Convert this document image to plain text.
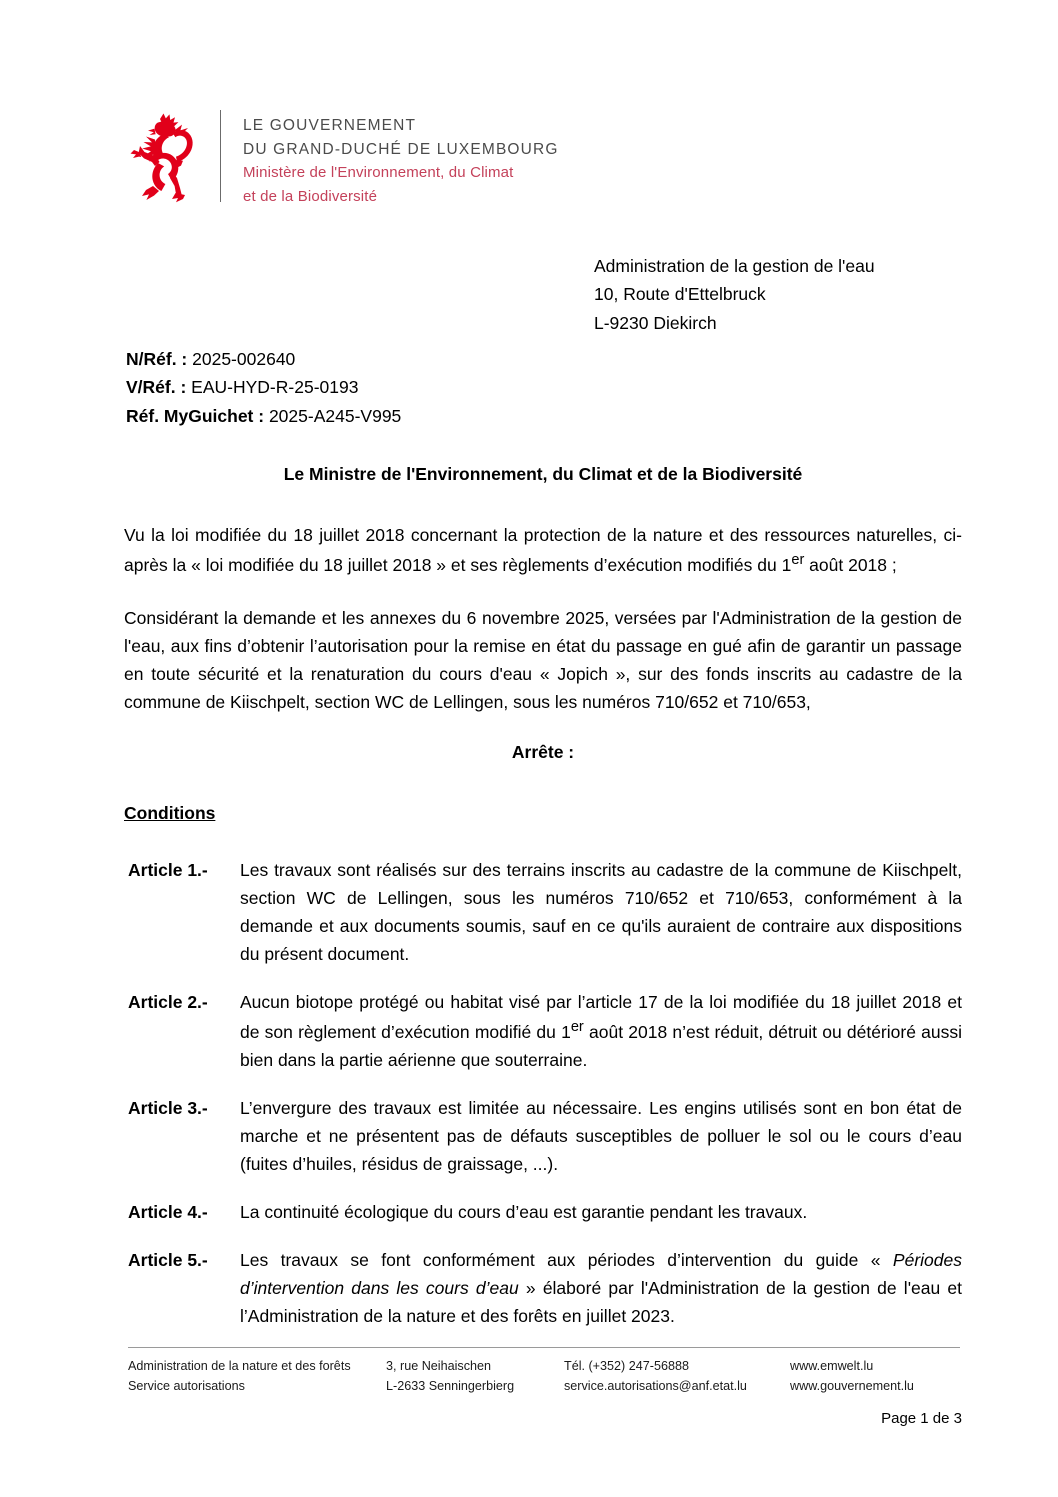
LE GOUVERNEMENT
DU GRAND-DUCHÉ DE LUXEMBOURG
Ministère de l'Environnement, du Climat
et de la Biodiversité
Administration de la gestion de l'eau
10, Route d'Ettelbruck
L-9230 Diekirch
N/Réf. : 2025-002640
V/Réf. : EAU-HYD-R-25-0193
Réf. MyGuichet : 2025-A245-V995
Le Ministre de l'Environnement, du Climat et de la Biodiversité

Vu la loi modifiée du 18 juillet 2018 concernant la protection de la nature et des ressources naturelles, ci-après la « loi modifiée du 18 juillet 2018 » et ses règlements d’exécution modifiés du 1er août 2018 ;

Considérant la demande et les annexes du 6 novembre 2025, versées par l'Administration de la gestion de l'eau, aux fins d’obtenir l’autorisation pour la remise en état du passage en gué afin de garantir un passage en toute sécurité et la renaturation du cours d'eau « Jopich », sur des fonds inscrits au cadastre de la commune de Kiischpelt, section WC de Lellingen, sous les numéros 710/652 et 710/653,

Arrête :
Conditions
Article 1.-	Les travaux sont réalisés sur des terrains inscrits au cadastre de la commune de Kiischpelt, section WC de Lellingen, sous les numéros 710/652 et 710/653, conformément à la demande et aux documents soumis, sauf en ce qu'ils auraient de contraire aux dispositions du présent document.
Article 2.-	Aucun biotope protégé ou habitat visé par l’article 17 de la loi modifiée du 18 juillet 2018 et de son règlement d’exécution modifié du 1er août 2018 n’est réduit, détruit ou détérioré aussi bien dans la partie aérienne que souterraine.
Article 3.-	L’envergure des travaux est limitée au nécessaire. Les engins utilisés sont en bon état de marche et ne présentent pas de défauts susceptibles de polluer le sol ou le cours d’eau (fuites d’huiles, résidus de graissage, ...).
Article 4.-	La continuité écologique du cours d’eau est garantie pendant les travaux.
Article 5.-	Les travaux se font conformément aux périodes d’intervention du guide « Périodes d’intervention dans les cours d’eau » élaboré par l'Administration de la gestion de l'eau et l’Administration de la nature et des forêts en juillet 2023.
Administration de la nature et des forêts
Service autorisations
3, rue Neihaischen
L-2633 Senningerbierg
Tél. (+352) 247-56888
service.autorisations@anf.etat.lu
www.emwelt.lu
www.gouvernement.lu
Page 1 de 3
